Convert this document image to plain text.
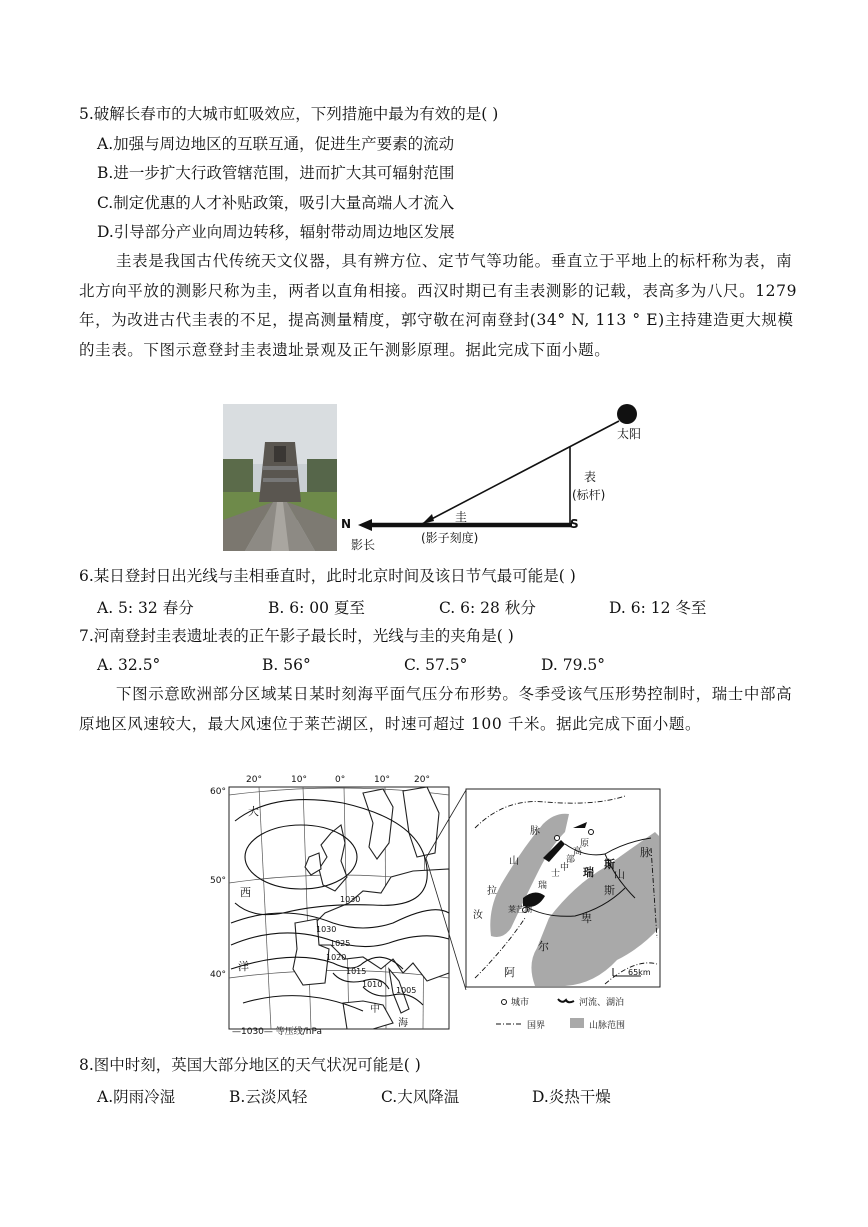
5.破解长春市的大城市虹吸效应，下列措施中最为有效的是( )
A.加强与周边地区的互联互通，促进生产要素的流动
B.进一步扩大行政管辖范围，进而扩大其可辐射范围
C.制定优惠的人才补贴政策，吸引大量高端人才流入
D.引导部分产业向周边转移，辐射带动周边地区发展
圭表是我国古代传统天文仪器，具有辨方位、定节气等功能。垂直立于平地上的标杆称为表，南北方向平放的测影尺称为圭，两者以直角相接。西汉时期已有圭表测影的记载，表高多为八尺。1279 年，为改进古代圭表的不足，提高测量精度，郭守敬在河南登封(34° N, 113 ° E)主持建造更大规模的圭表。下图示意登封圭表遗址景观及正午测影原理。据此完成下面小题。
太阳
表
(标杆)
圭
(影子刻度)
N	S
影长
6.某日登封日出光线与圭相垂直时，此时北京时间及该日节气最可能是( )
A. 5: 32 春分	B. 6: 00 夏至	C. 6: 28 秋分	D. 6: 12 冬至
7.河南登封圭表遗址表的正午影子最长时，光线与圭的夹角是( )
A. 32.5°	B. 56°	C. 57.5°	D. 79.5°
下图示意欧洲部分区域某日某时刻海平面气压分布形势。冬季受该气压形势控制时，瑞士中部高原地区风速较大，最大风速位于莱芒湖区，时速可超过 100 千米。据此完成下面小题。
20°	10°	0°	10°	20°
60°
50°
40°
大
西
洋
中
海
1030
1030
1025
1020
1015
1010
1005
—1030— 等压线/hPa
汝
拉
山
脉
瑞
士
中
部
高
原
莱芒湖
瑞
斯
阿
尔
卑
斯
山
脉
65km
城市	河流、湖泊
国界	山脉范围
8.图中时刻，英国大部分地区的天气状况可能是( )
A.阴雨冷湿	B.云淡风轻	C.大风降温	D.炎热干燥
